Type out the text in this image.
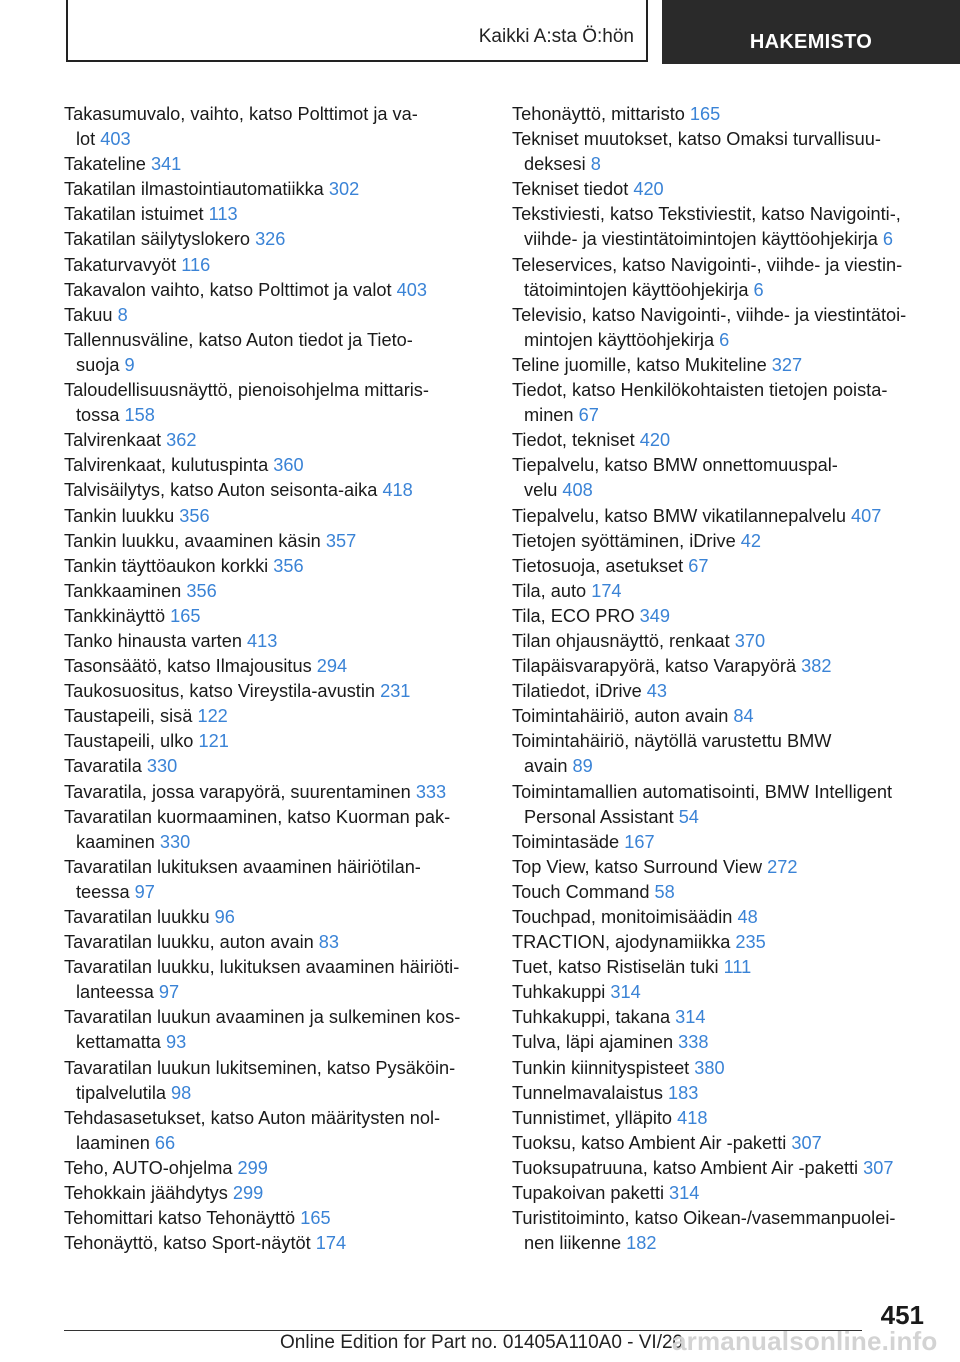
Kaikki A:sta Ö:hön	HAKEMISTO
Takasumuvalo, vaihto, katso Polttimot ja va-
lot 403
Takateline 341
Takatilan ilmastointiautomatiikka 302
Takatilan istuimet 113
Takatilan säilytyslokero 326
Takaturvavyöt 116
Takavalon vaihto, katso Polttimot ja valot 403
Takuu 8
Tallennusväline, katso Auton tiedot ja Tieto-
suoja 9
Taloudellisuusnäyttö, pienoisohjelma mittaris-
tossa 158
Talvirenkaat 362
Talvirenkaat, kulutuspinta 360
Talvisäilytys, katso Auton seisonta-aika 418
Tankin luukku 356
Tankin luukku, avaaminen käsin 357
Tankin täyttöaukon korkki 356
Tankkaaminen 356
Tankkinäyttö 165
Tanko hinausta varten 413
Tasonsäätö, katso Ilmajousitus 294
Taukosuositus, katso Vireystila-avustin 231
Taustapeili, sisä 122
Taustapeili, ulko 121
Tavaratila 330
Tavaratila, jossa varapyörä, suurentaminen 333
Tavaratilan kuormaaminen, katso Kuorman pak-
kaaminen 330
Tavaratilan lukituksen avaaminen häiriötilan-
teessa 97
Tavaratilan luukku 96
Tavaratilan luukku, auton avain 83
Tavaratilan luukku, lukituksen avaaminen häiriöti-
lanteessa 97
Tavaratilan luukun avaaminen ja sulkeminen kos-
kettamatta 93
Tavaratilan luukun lukitseminen, katso Pysäköin-
tipalvelutila 98
Tehdasasetukset, katso Auton määritysten nol-
laaminen 66
Teho, AUTO-ohjelma 299
Tehokkain jäähdytys 299
Tehomittari katso Tehonäyttö 165
Tehonäyttö, katso Sport-näytöt 174
Tehonäyttö, mittaristo 165
Tekniset muutokset, katso Omaksi turvallisuu-
deksesi 8
Tekniset tiedot 420
Tekstiviesti, katso Tekstiviestit, katso Navigointi-,
viihde- ja viestintätoimintojen käyttöohjekirja 6
Teleservices, katso Navigointi-, viihde- ja viestin-
tätoimintojen käyttöohjekirja 6
Televisio, katso Navigointi-, viihde- ja viestintätoi-
mintojen käyttöohjekirja 6
Teline juomille, katso Mukiteline 327
Tiedot, katso Henkilökohtaisten tietojen poista-
minen 67
Tiedot, tekniset 420
Tiepalvelu, katso BMW onnettomuuspal-
velu 408
Tiepalvelu, katso BMW vikatilannepalvelu 407
Tietojen syöttäminen, iDrive 42
Tietosuoja, asetukset 67
Tila, auto 174
Tila, ECO PRO 349
Tilan ohjausnäyttö, renkaat 370
Tilapäisvarapyörä, katso Varapyörä 382
Tilatiedot, iDrive 43
Toimintahäiriö, auton avain 84
Toimintahäiriö, näytöllä varustettu BMW
avain 89
Toimintamallien automatisointi, BMW Intelligent
Personal Assistant 54
Toimintasäde 167
Top View, katso Surround View 272
Touch Command 58
Touchpad, monitoimisäädin 48
TRACTION, ajodynamiikka 235
Tuet, katso Ristiselän tuki 111
Tuhkakuppi 314
Tuhkakuppi, takana 314
Tulva, läpi ajaminen 338
Tunkin kiinnityspisteet 380
Tunnelmavalaistus 183
Tunnistimet, ylläpito 418
Tuoksu, katso Ambient Air -paketti 307
Tuoksupatruuna, katso Ambient Air -paketti 307
Tupakoivan paketti 314
Turistitoiminto, katso Oikean-/vasemmanpuolei-
nen liikenne 182
451
Online Edition for Part no. 01405A110A0 - VI/20
armanualsonline.info
